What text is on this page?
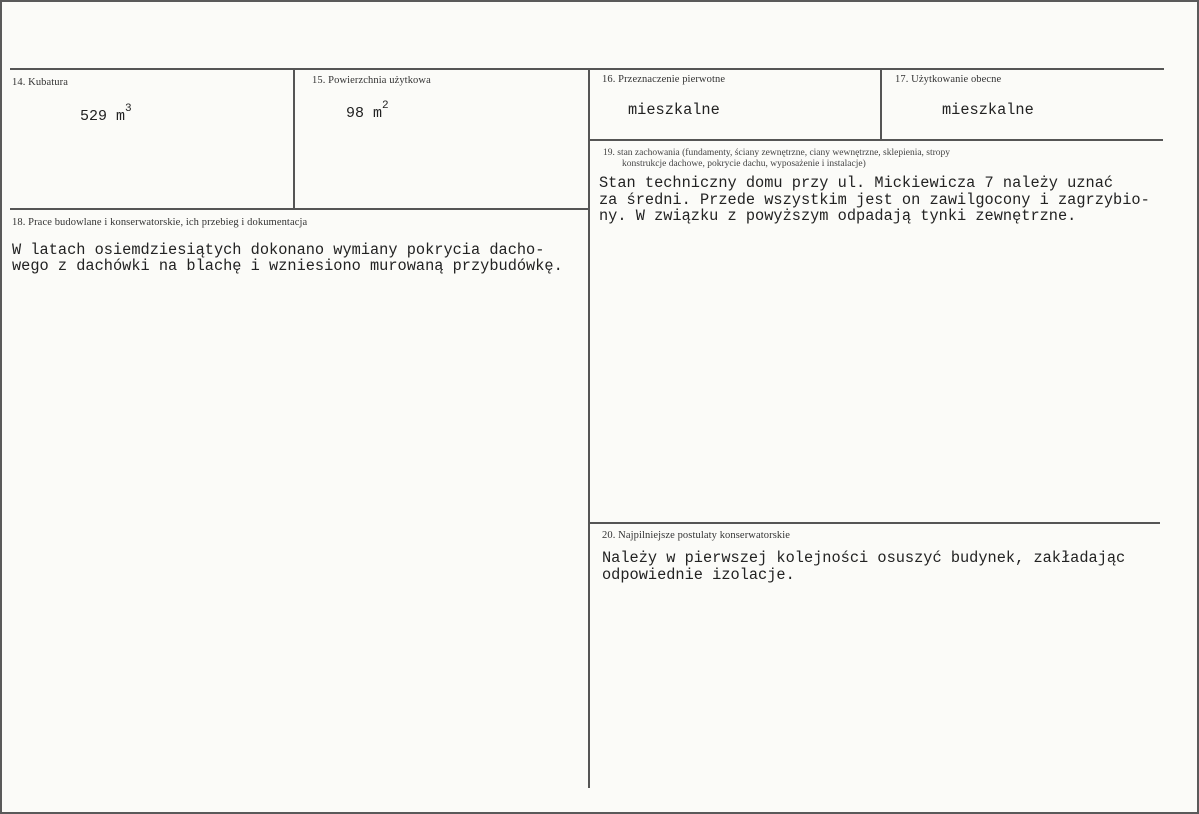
14. Kubatura
529 $m^3$
15. Powierzchnia użytkowa
98 $m^2$
16. Przeznaczenie pierwotne
mieszkalne
17. Użytkowanie obecne
mieszkalne
18. Prace budowlane i konserwatorskie, ich przebieg i dokumentacja
W latach osiemdziesiątych dokonano wymiany pokrycia dacho-
wego z dachówki na blachę i wzniesiono murowaną przybudówkę.
19. stan zachowania (fundamenty, ściany zewnętrzne, ciany wewnętrzne, sklepienia, stropy
konstrukcje dachowe, pokrycie dachu, wyposażenie i instalacje)
Stan techniczny domu przy ul. Mickiewicza 7 należy uznać
za średni. Przede wszystkim jest on zawilgocony i zagrzybio-
ny. W związku z powyższym odpadają tynki zewnętrzne.
20. Najpilniejsze postulaty konserwatorskie
Należy w pierwszej kolejności osuszyć budynek, zakładając
odpowiednie izolacje.
